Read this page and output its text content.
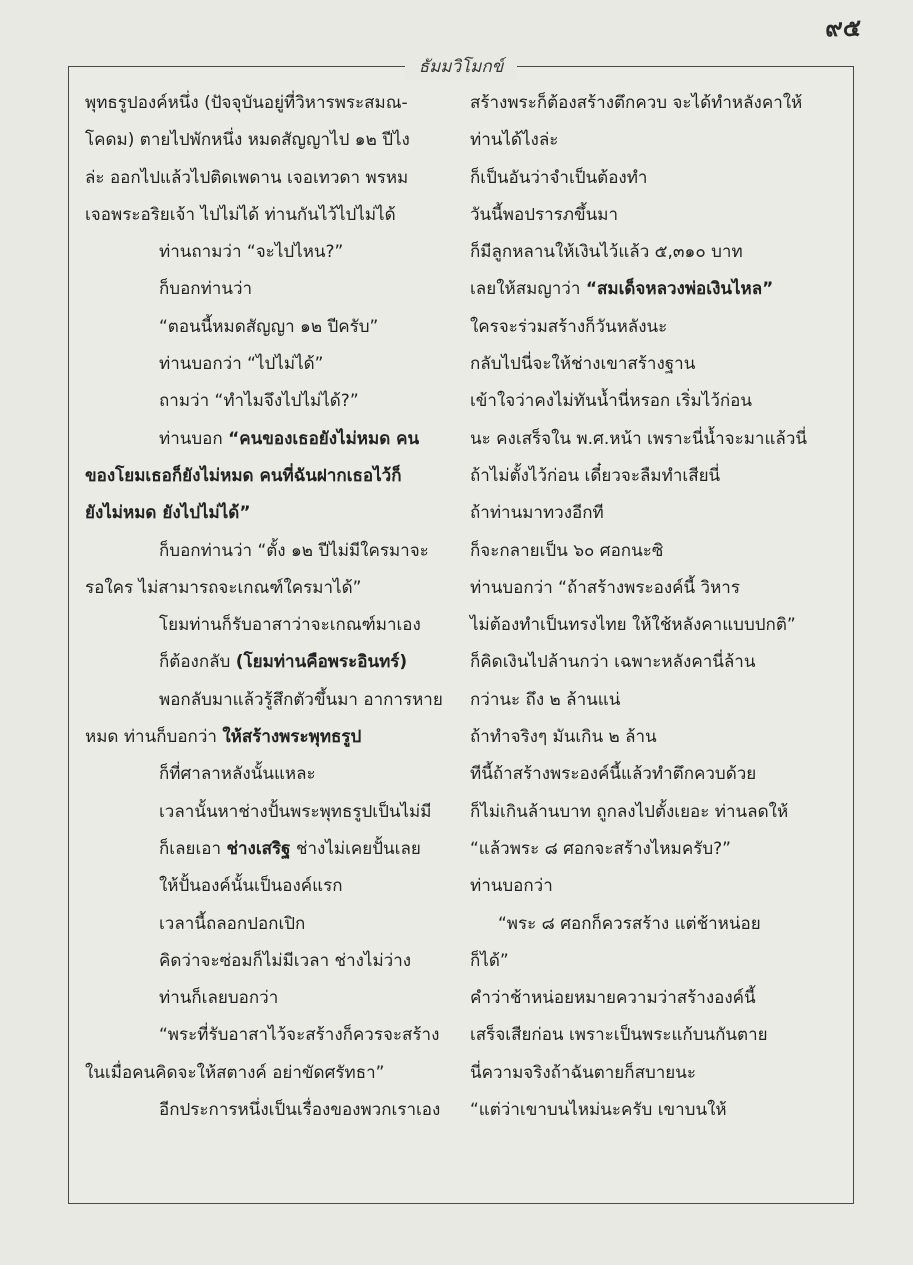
๙๕
ธัมมวิโมกข์
พุทธรูปองค์หนึ่ง (ปัจจุบันอยู่ที่วิหารพระสมณ-
โคดม) ตายไปพักหนึ่ง หมดสัญญาไป ๑๒ ปีไง
ล่ะ ออกไปแล้วไปติดเพดาน เจอเทวดา พรหม
เจอพระอริยเจ้า ไปไม่ได้ ท่านกันไว้ไปไม่ได้
ท่านถามว่า “จะไปไหน?”
ก็บอกท่านว่า
“ตอนนี้หมดสัญญา ๑๒ ปีครับ”
ท่านบอกว่า “ไปไม่ได้”
ถามว่า “ทำไมจึงไปไม่ได้?”
ท่านบอก “คนของเธอยังไม่หมด คน
ของโยมเธอก็ยังไม่หมด คนที่ฉันฝากเธอไว้ก็
ยังไม่หมด ยังไปไม่ได้”
ก็บอกท่านว่า “ตั้ง ๑๒ ปีไม่มีใครมาจะ
รอใคร ไม่สามารถจะเกณฑ์ใครมาได้”
โยมท่านก็รับอาสาว่าจะเกณฑ์มาเอง
ก็ต้องกลับ (โยมท่านคือพระอินทร์)
พอกลับมาแล้วรู้สึกตัวขึ้นมา อาการหาย
หมด ท่านก็บอกว่า ให้สร้างพระพุทธรูป
ก็ที่ศาลาหลังนั้นแหละ
เวลานั้นหาช่างปั้นพระพุทธรูปเป็นไม่มี
ก็เลยเอา ช่างเสริฐ ช่างไม่เคยปั้นเลย
ให้ปั้นองค์นั้นเป็นองค์แรก
เวลานี้ถลอกปอกเปิก
คิดว่าจะซ่อมก็ไม่มีเวลา ช่างไม่ว่าง
ท่านก็เลยบอกว่า
“พระที่รับอาสาไว้จะสร้างก็ควรจะสร้าง
ในเมื่อคนคิดจะให้สตางค์ อย่าขัดศรัทธา”
อีกประการหนึ่งเป็นเรื่องของพวกเราเอง
สร้างพระก็ต้องสร้างตึกควบ จะได้ทำหลังคาให้
ท่านได้ไงล่ะ
ก็เป็นอันว่าจำเป็นต้องทำ
วันนี้พอปรารภขึ้นมา
ก็มีลูกหลานให้เงินไว้แล้ว ๕,๓๑๐ บาท
เลยให้สมญาว่า “สมเด็จหลวงพ่อเงินไหล”
ใครจะร่วมสร้างก็วันหลังนะ
กลับไปนี่จะให้ช่างเขาสร้างฐาน
เข้าใจว่าคงไม่ทันน้ำนี่หรอก เริ่มไว้ก่อน
นะ คงเสร็จใน พ.ศ.หน้า เพราะนี่น้ำจะมาแล้วนี่
ถ้าไม่ตั้งไว้ก่อน เดี๋ยวจะลืมทำเสียนี่
ถ้าท่านมาทวงอีกที
ก็จะกลายเป็น ๖๐ ศอกนะซิ
ท่านบอกว่า “ถ้าสร้างพระองค์นี้ วิหาร
ไม่ต้องทำเป็นทรงไทย ให้ใช้หลังคาแบบปกติ”
ก็คิดเงินไปล้านกว่า เฉพาะหลังคานี่ล้าน
กว่านะ ถึง ๒ ล้านแน่
ถ้าทำจริงๆ มันเกิน ๒ ล้าน
ทีนี้ถ้าสร้างพระองค์นี้แล้วทำตึกควบด้วย
ก็ไม่เกินล้านบาท ถูกลงไปตั้งเยอะ ท่านลดให้
“แล้วพระ ๘ ศอกจะสร้างไหมครับ?”
ท่านบอกว่า
“พระ ๘ ศอกก็ควรสร้าง แต่ช้าหน่อย
ก็ได้”
คำว่าช้าหน่อยหมายความว่าสร้างองค์นี้
เสร็จเสียก่อน เพราะเป็นพระแก้บนกันตาย
นี่ความจริงถ้าฉันตายก็สบายนะ
“แต่ว่าเขาบนไหม่นะครับ เขาบนให้
